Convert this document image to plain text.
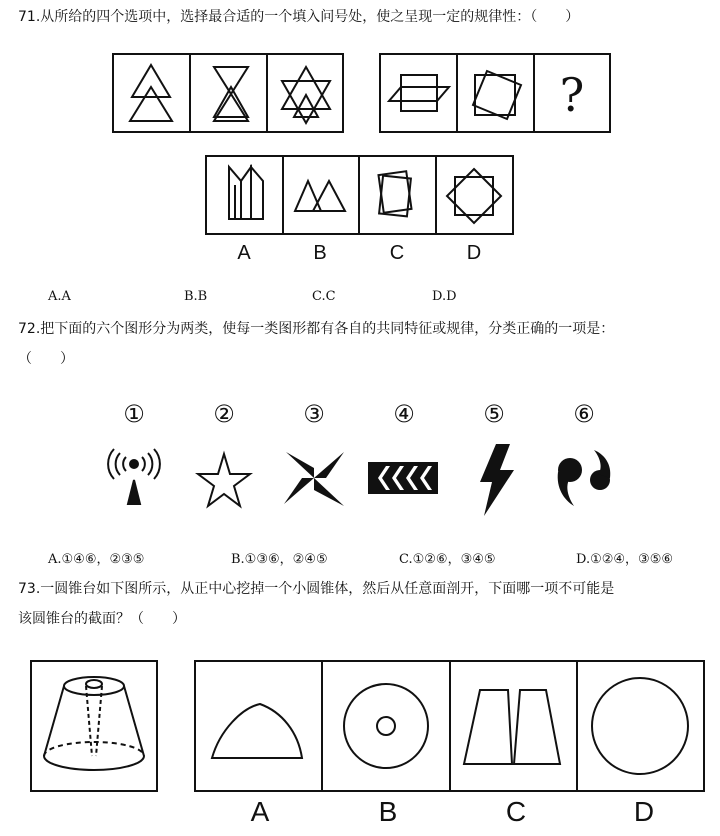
71.从所给的四个选项中，选择最合适的一个填入问号处，使之呈现一定的规律性：（　　）
?
A	B	C	D
A.A	B.B	C.C	D.D
72.把下面的六个图形分为两类，使每一类图形都有各自的共同特征或规律，分类正确的一项是：
（　　）
①	②	③	④	⑤	⑥
A.①④⑥，②③⑤	B.①③⑥，②④⑤	C.①②⑥，③④⑤	D.①②④，③⑤⑥
73.一圆锥台如下图所示，从正中心挖掉一个小圆锥体，然后从任意面剖开，下面哪一项不可能是
该圆锥台的截面？（　　）
A	B	C	D
